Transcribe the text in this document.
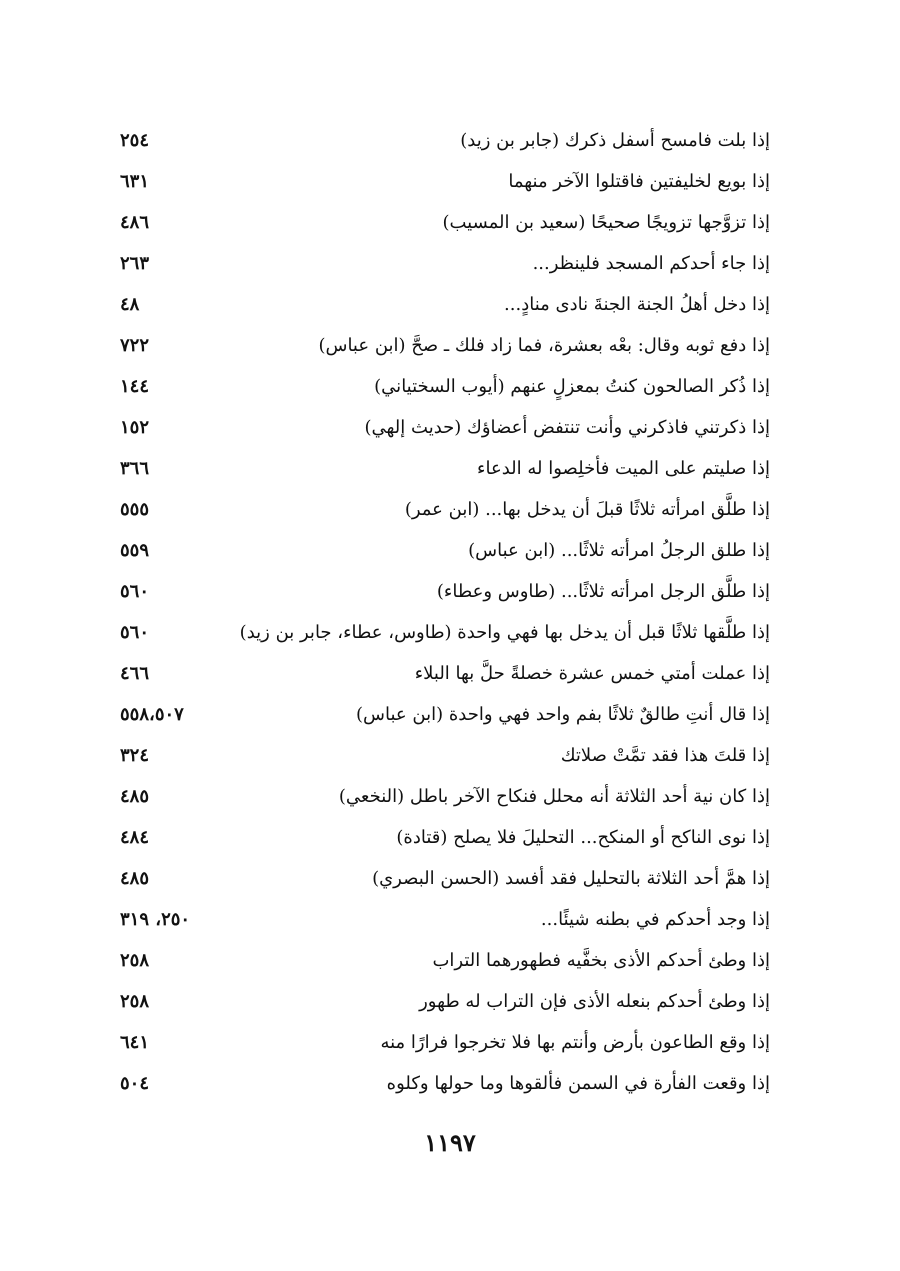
إذا بلت فامسح أسفل ذكرك (جابر بن زيد)
٢٥٤
إذا بويع لخليفتين فاقتلوا الآخر منهما
٦٣١
إذا تزوَّجها تزويجًا صحيحًا (سعيد بن المسيب)
٤٨٦
إذا جاء أحدكم المسجد فلينظر...
٢٦٣
إذا دخل أهلُ الجنة الجنةَ نادى منادٍ...
٤٨
إذا دفع ثوبه وقال: بعْه بعشرة، فما زاد فلك ـ صحَّ (ابن عباس)
٧٢٢
إذا ذُكر الصالحون كنتُ بمعزلٍ عنهم (أيوب السختياني)
١٤٤
إذا ذكرتني فاذكرني وأنت تنتفض أعضاؤك (حديث إلهي)
١٥٢
إذا صليتم على الميت فأخلِصوا له الدعاء
٣٦٦
إذا طلَّق امرأته ثلاثًا قبلَ أن يدخل بها... (ابن عمر)
٥٥٥
إذا طلق الرجلُ امرأته ثلاثًا... (ابن عباس)
٥٥٩
إذا طلَّق الرجل امرأته ثلاثًا... (طاوس وعطاء)
٥٦٠
إذا طلَّقها ثلاثًا قبل أن يدخل بها فهي واحدة (طاوس، عطاء، جابر بن زيد)
٥٦٠
إذا عملت أمتي خمس عشرة خصلةً حلَّ بها البلاء
٤٦٦
إذا قال أنتِ طالقٌ ثلاثًا بفم واحد فهي واحدة (ابن عباس)
٥٥٨،٥٠٧
إذا قلتَ هذا فقد تمَّتْ صلاتك
٣٢٤
إذا كان نية أحد الثلاثة أنه محلل فنكاح الآخر باطل (النخعي)
٤٨٥
إذا نوى الناكح أو المنكح... التحليلَ فلا يصلح (قتادة)
٤٨٤
إذا همَّ أحد الثلاثة بالتحليل فقد أفسد (الحسن البصري)
٤٨٥
إذا وجد أحدكم في بطنه شيئًا...
٢٥٠، ٣١٩
إذا وطئ أحدكم الأذى بخفَّيه فطهورهما التراب
٢٥٨
إذا وطئ أحدكم بنعله الأذى فإن التراب له طهور
٢٥٨
إذا وقع الطاعون بأرض وأنتم بها فلا تخرجوا فرارًا منه
٦٤١
إذا وقعت الفأرة في السمن فألقوها وما حولها وكلوه
٥٠٤
١١٩٧
